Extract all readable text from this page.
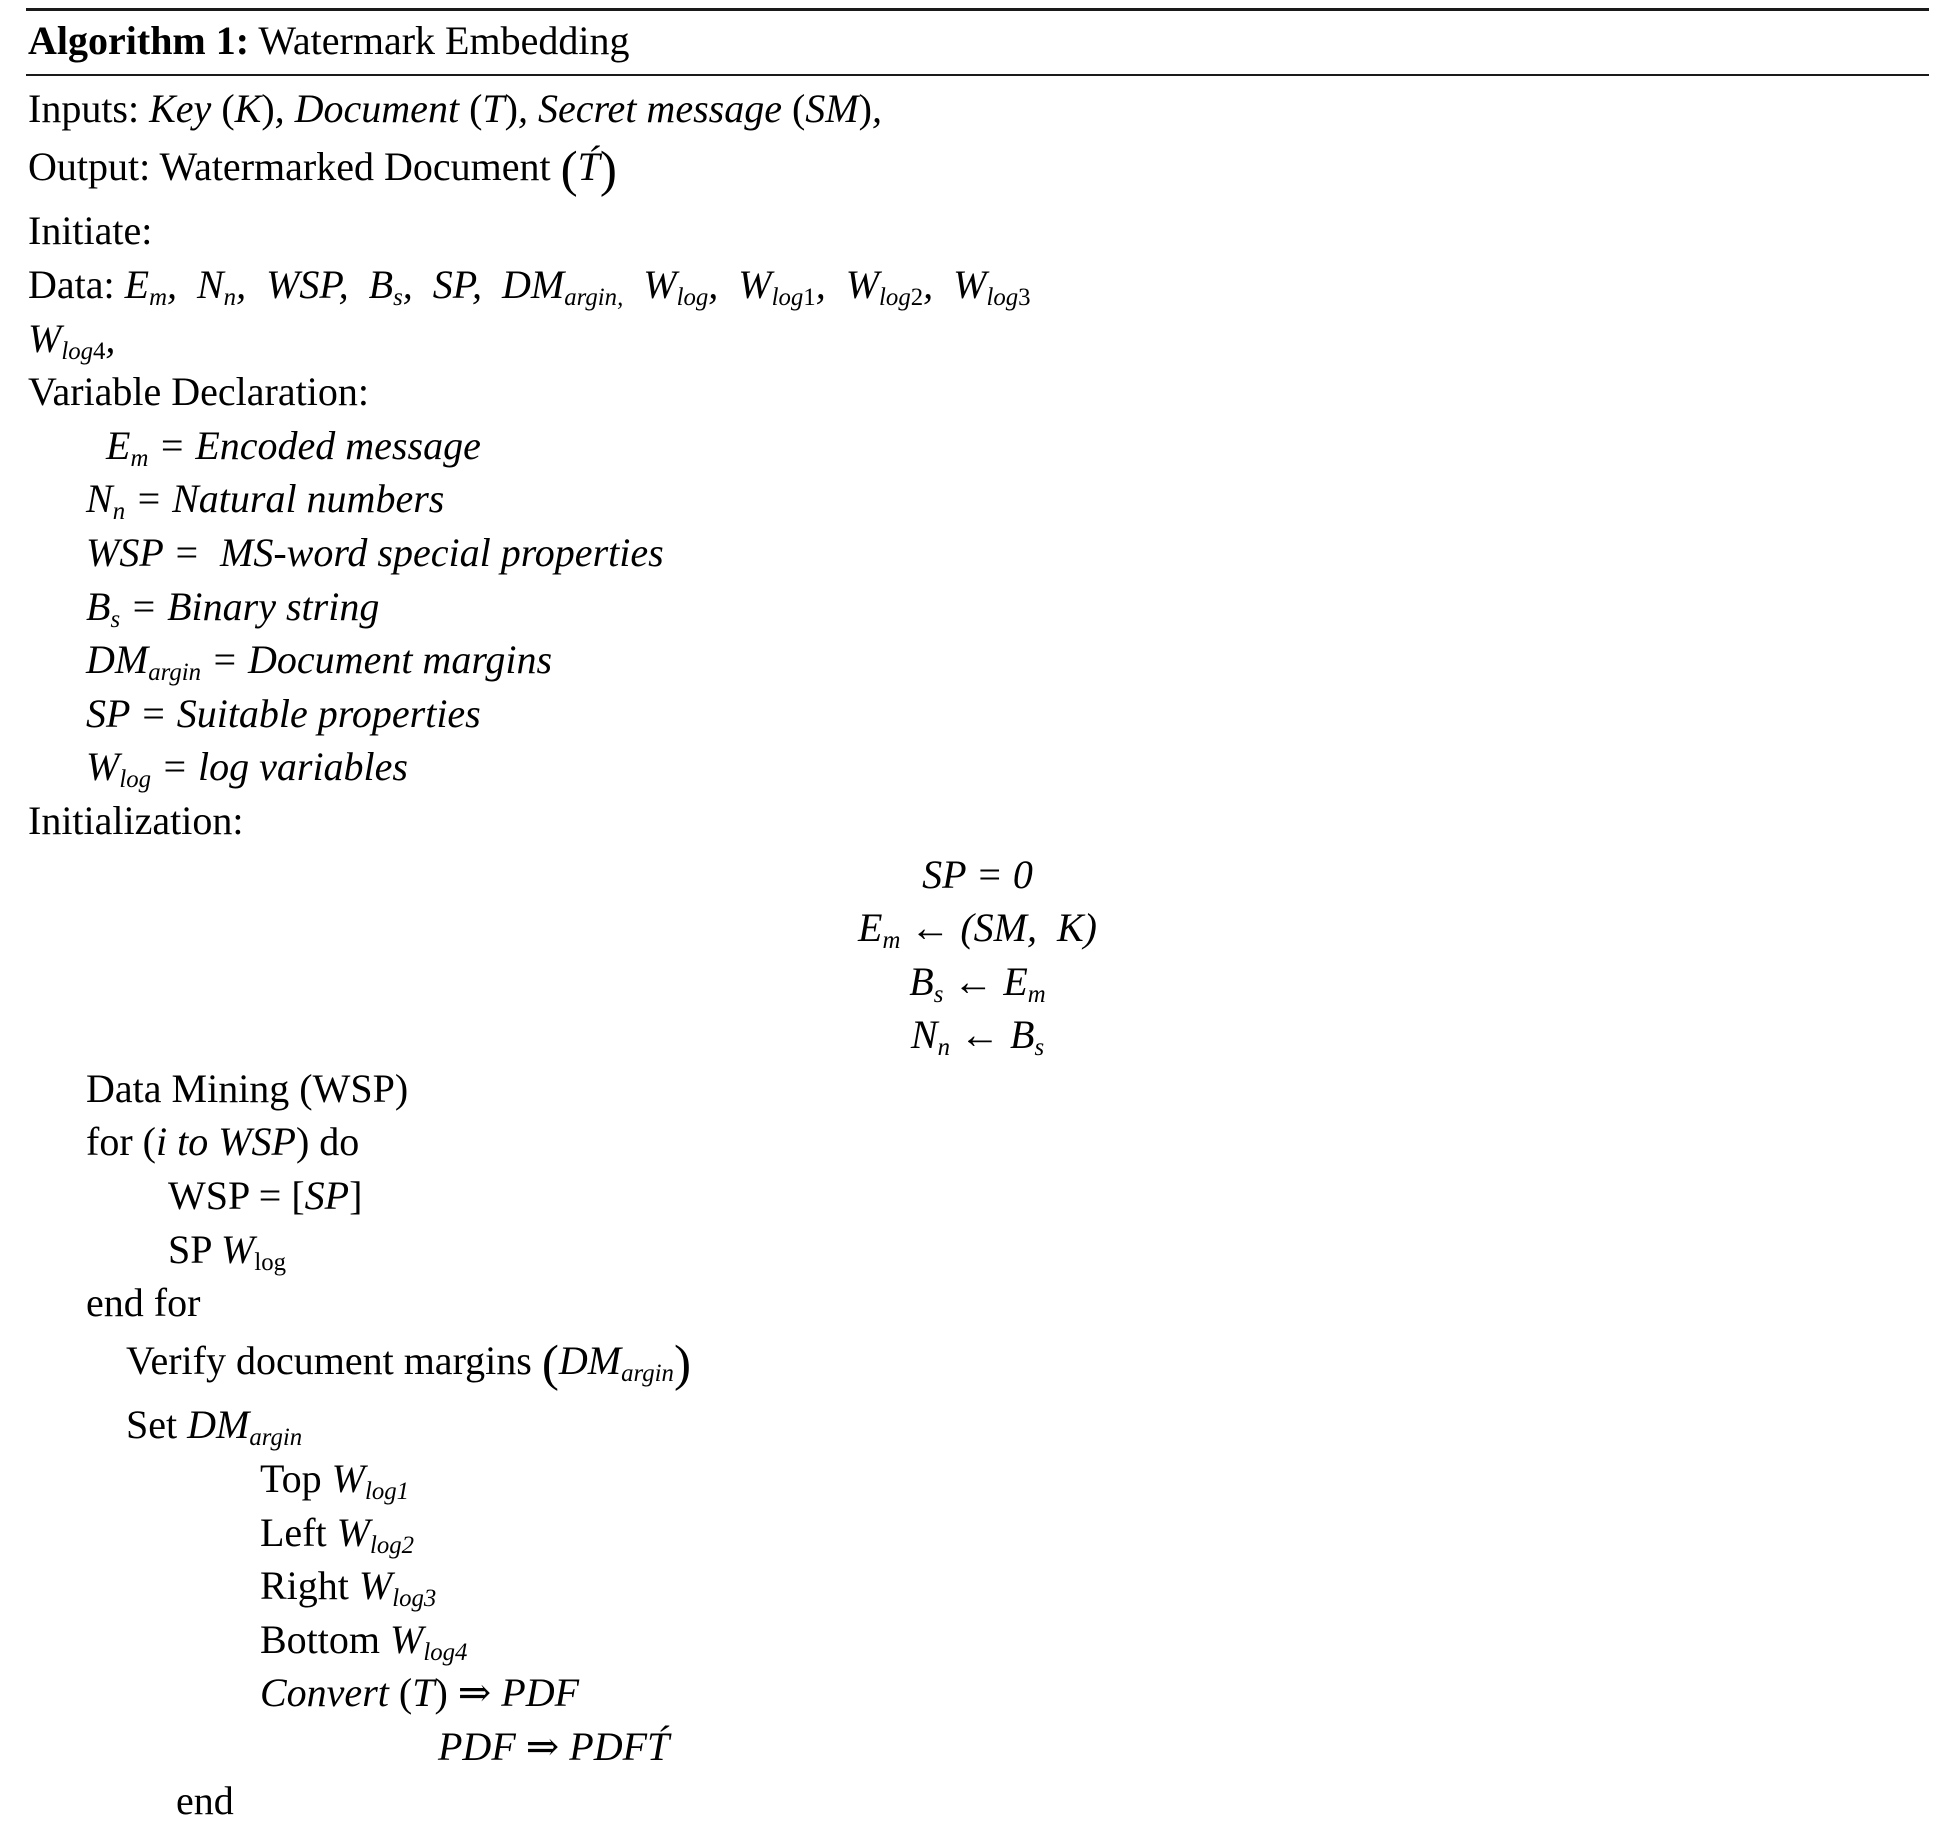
Algorithm 1: Watermark Embedding
Inputs: Key (K), Document (T), Secret message (SM),
Output: Watermarked Document (T́)
Initiate:
Data: $E_m$,  $N_n$,  WSP,  $B_s$,  SP,  $DM_{argin,}$  $W_{log}$,  $W_{log1}$,  $W_{log2}$,  $W_{log3}$
$W_{log4}$,
Variable Declaration:
$E_m$ = Encoded message
$N_n$ = Natural numbers
WSP =  MS-word special properties
$B_s$ = Binary string
$DM_{argin}$ = Document margins
SP = Suitable properties
$W_{log} = \log$ variables
Initialization:
SP = 0
$E_m$ ← (SM,  K)
$B_s$ ← $E_m$
$N_n$ ← $B_s$
Data Mining (WSP)
for (i to WSP) do
WSP = [SP]
SP $W_{log}$
end for
Verify document margins $(DM_{argin})$
Set $DM_{argin}$
Top $W_{log1}$
Left $W_{log2}$
Right $W_{log3}$
Bottom $W_{log4}$
Convert (T) ⇒ PDF
PDF ⇒ PDFT́
end
